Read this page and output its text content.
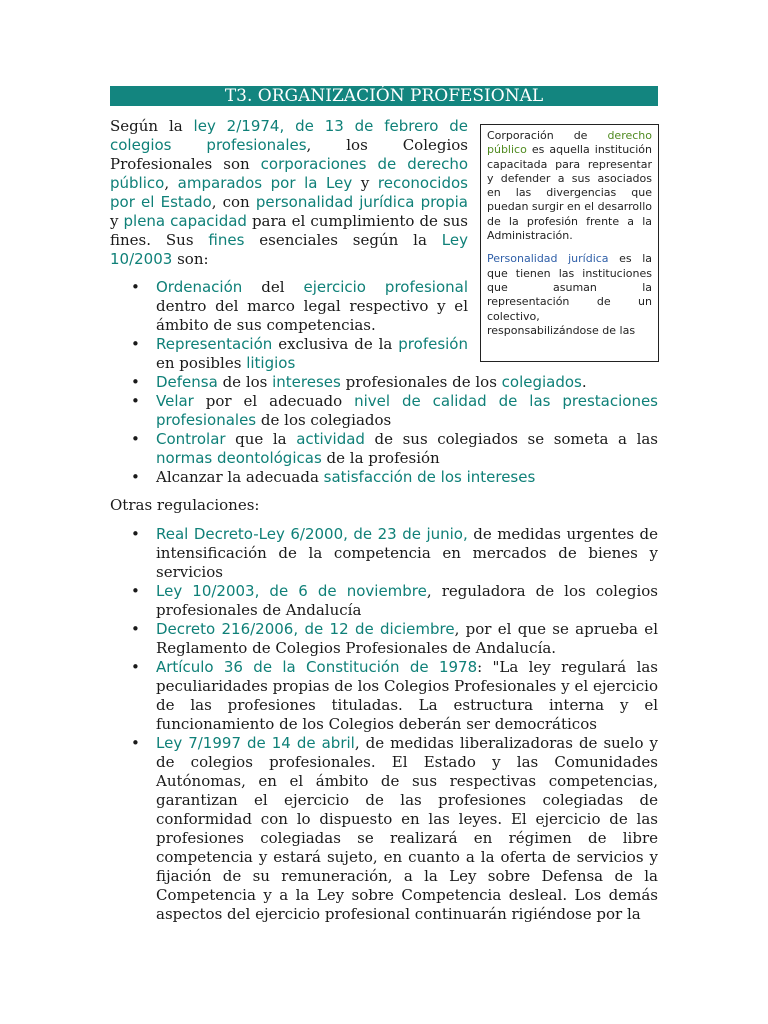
T3. ORGANIZACIÓN PROFESIONAL

Según la ley 2/1974, de 13 de febrero de colegios profesionales, los Colegios Profesionales son corporaciones de derecho público, amparados por la Ley y reconocidos por el Estado, con personalidad jurídica propia y plena capacidad para el cumplimiento de sus fines. Sus fines esenciales según la Ley 10/2003 son:

Corporación de derecho público es aquella institución capacitada para representar y defender a sus asociados en las divergencias que puedan surgir en el desarrollo de la profesión frente a la Administración.

Personalidad jurídica es la que tienen las instituciones que asuman la representación de un colectivo, responsabilizándose de las

• Ordenación del ejercicio profesional dentro del marco legal respectivo y el ámbito de sus competencias.
• Representación exclusiva de la profesión en posibles litigios
• Defensa de los intereses profesionales de los colegiados.
• Velar por el adecuado nivel de calidad de las prestaciones profesionales de los colegiados
• Controlar que la actividad de sus colegiados se someta a las normas deontológicas de la profesión
• Alcanzar la adecuada satisfacción de los intereses

Otras regulaciones:

• Real Decreto-Ley 6/2000, de 23 de junio, de medidas urgentes de intensificación de la competencia en mercados de bienes y servicios
• Ley 10/2003, de 6 de noviembre, reguladora de los colegios profesionales de Andalucía
• Decreto 216/2006, de 12 de diciembre, por el que se aprueba el Reglamento de Colegios Profesionales de Andalucía.
• Artículo 36 de la Constitución de 1978: "La ley regulará las peculiaridades propias de los Colegios Profesionales y el ejercicio de las profesiones tituladas. La estructura interna y el funcionamiento de los Colegios deberán ser democráticos
• Ley 7/1997 de 14 de abril, de medidas liberalizadoras de suelo y de colegios profesionales. El Estado y las Comunidades Autónomas, en el ámbito de sus respectivas competencias, garantizan el ejercicio de las profesiones colegiadas de conformidad con lo dispuesto en las leyes. El ejercicio de las profesiones colegiadas se realizará en régimen de libre competencia y estará sujeto, en cuanto a la oferta de servicios y fijación de su remuneración, a la Ley sobre Defensa de la Competencia y a la Ley sobre Competencia desleal. Los demás aspectos del ejercicio profesional continuarán rigiéndose por la
